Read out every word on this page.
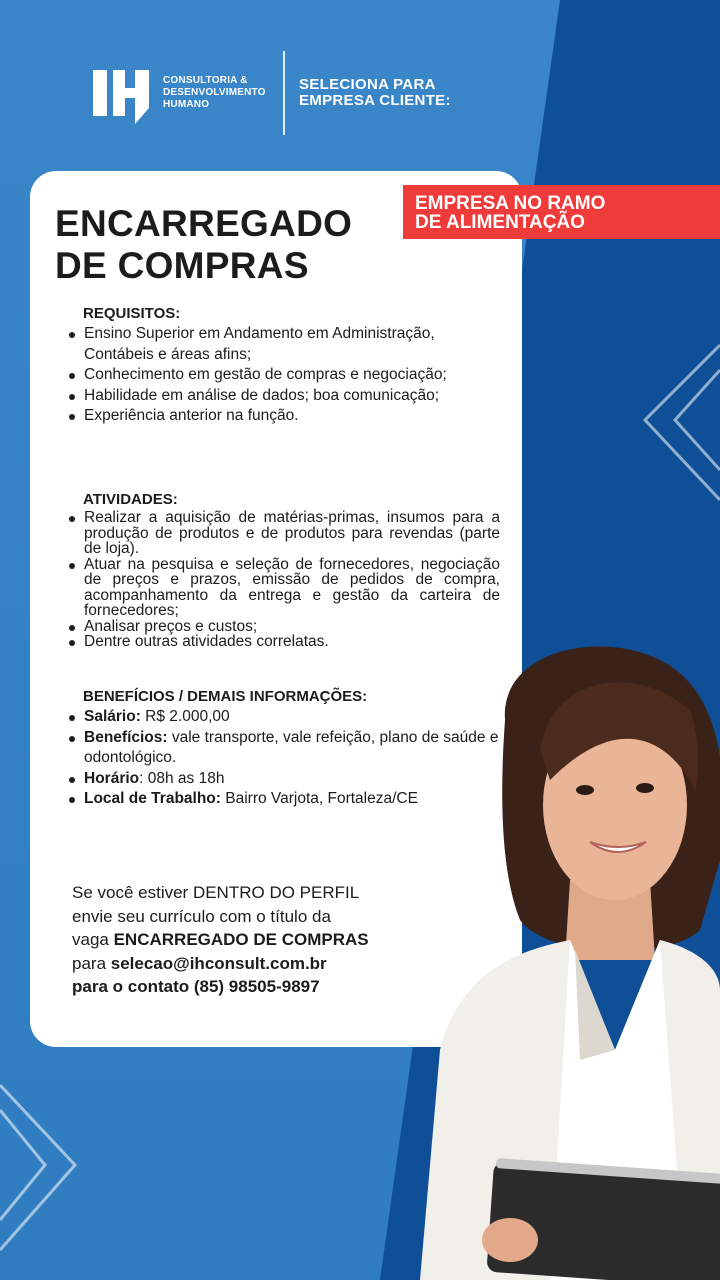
CONSULTORIA &
DESENVOLVIMENTO
HUMANO
SELECIONA PARA
EMPRESA CLIENTE:
EMPRESA NO RAMO
DE ALIMENTAÇÃO
ENCARREGADO
DE COMPRAS
REQUISITOS:
Ensino Superior em Andamento em Administração, Contábeis e áreas afins;
Conhecimento em gestão de compras e negociação;
Habilidade em análise de dados; boa comunicação;
Experiência anterior na função.
ATIVIDADES:
Realizar a aquisição de matérias-primas, insumos para a produção de produtos e de produtos para revendas (parte de loja).
Atuar na pesquisa e seleção de fornecedores, negociação de preços e prazos, emissão de pedidos de compra, acompanhamento da entrega e gestão da carteira de fornecedores;
Analisar preços e custos;
Dentre outras atividades correlatas.
BENEFÍCIOS / DEMAIS INFORMAÇÕES:
Salário: R$ 2.000,00
Benefícios: vale transporte, vale refeição, plano de saúde e odontológico.
Horário: 08h as 18h
Local de Trabalho: Bairro Varjota, Fortaleza/CE
Se você estiver DENTRO DO PERFIL
envie seu currículo com o título da
vaga ENCARREGADO DE COMPRAS
para selecao@ihconsult.com.br
para o contato (85) 98505-9897
